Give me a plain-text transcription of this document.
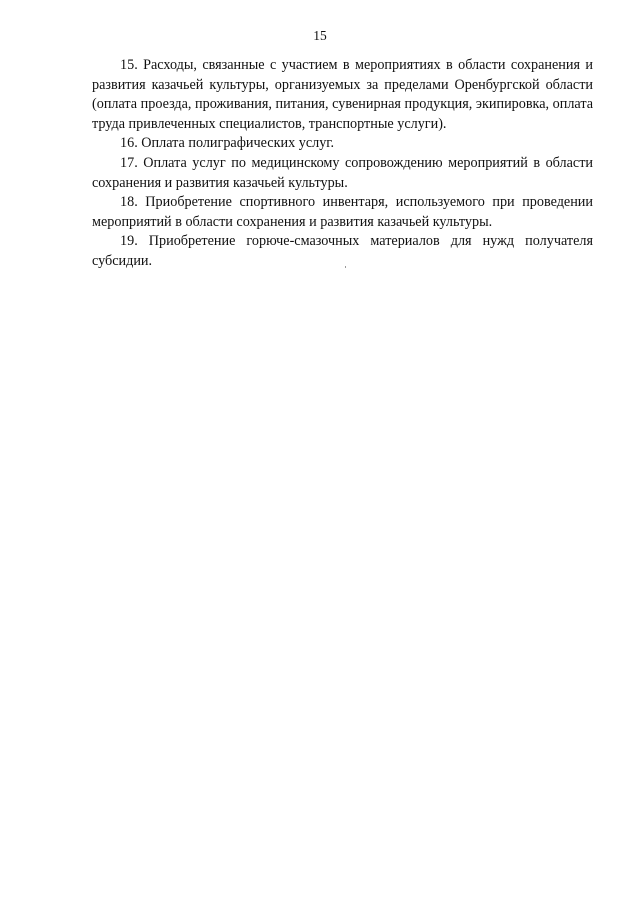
15

15. Расходы, связанные с участием в мероприятиях в области сохранения и развития казачьей культуры, организуемых за пределами Оренбургской области (оплата проезда, проживания, питания, сувенирная продукция, экипировка, оплата труда привлеченных специалистов, транспортные услуги).

16. Оплата полиграфических услуг.

17. Оплата услуг по медицинскому сопровождению мероприятий в области сохранения и развития казачьей культуры.

18. Приобретение спортивного инвентаря, используемого при проведении мероприятий в области сохранения и развития казачьей культуры.

19. Приобретение горюче-смазочных материалов для нужд получателя субсидии.
